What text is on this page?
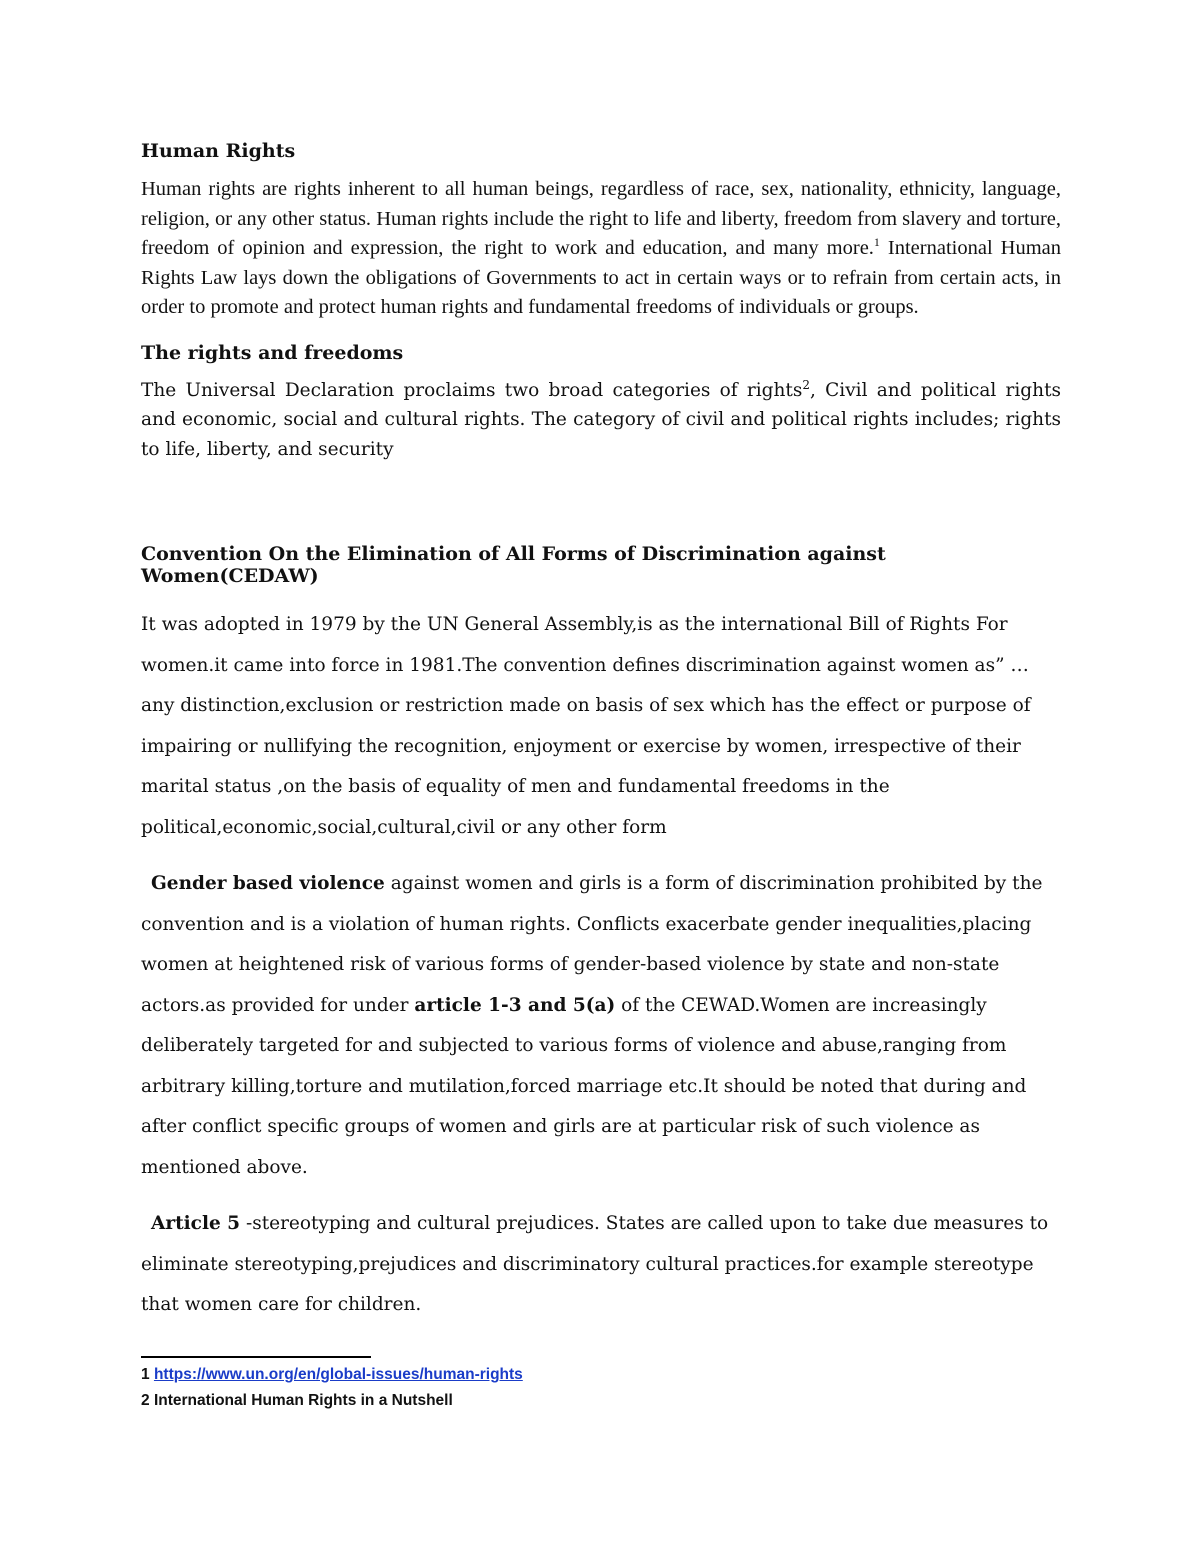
Human Rights

Human rights are rights inherent to all human beings, regardless of race, sex, nationality, ethnicity, language, religion, or any other status. Human rights include the right to life and liberty, freedom from slavery and torture, freedom of opinion and expression, the right to work and education, and many more.$^1$ International Human Rights Law lays down the obligations of Governments to act in certain ways or to refrain from certain acts, in order to promote and protect human rights and fundamental freedoms of individuals or groups.

The rights and freedoms

The Universal Declaration proclaims two broad categories of rights$^2$, Civil and political rights and economic, social and cultural rights. The category of civil and political rights includes; rights to life, liberty, and security

Convention On the Elimination of All Forms of Discrimination against Women(CEDAW)

It was adopted in 1979 by the UN General Assembly,is as the international Bill of Rights For women.it came into force in 1981.The convention defines discrimination against women as” … any distinction,exclusion or restriction made on basis of sex which has the effect or purpose of impairing or nullifying the recognition, enjoyment or exercise by women, irrespective of their marital status ,on the basis of equality of men and fundamental freedoms in the political,economic,social,cultural,civil or any other form

Gender based violence against women and girls is a form of discrimination prohibited by the convention and is a violation of human rights. Conflicts exacerbate gender inequalities,placing women at heightened risk of various forms of gender-based violence by state and non-state actors.as provided for under article 1-3 and 5(a) of the CEWAD.Women are increasingly deliberately targeted for and subjected to various forms of violence and abuse,ranging from arbitrary killing,torture and mutilation,forced marriage etc.It should be noted that during and after conflict specific groups of women and girls are at particular risk of such violence as mentioned above.

Article 5 -stereotyping and cultural prejudices. States are called upon to take due measures to eliminate stereotyping,prejudices and discriminatory cultural practices.for example stereotype that women care for children.

1 https://www.un.org/en/global-issues/human-rights
2 International Human Rights in a Nutshell
